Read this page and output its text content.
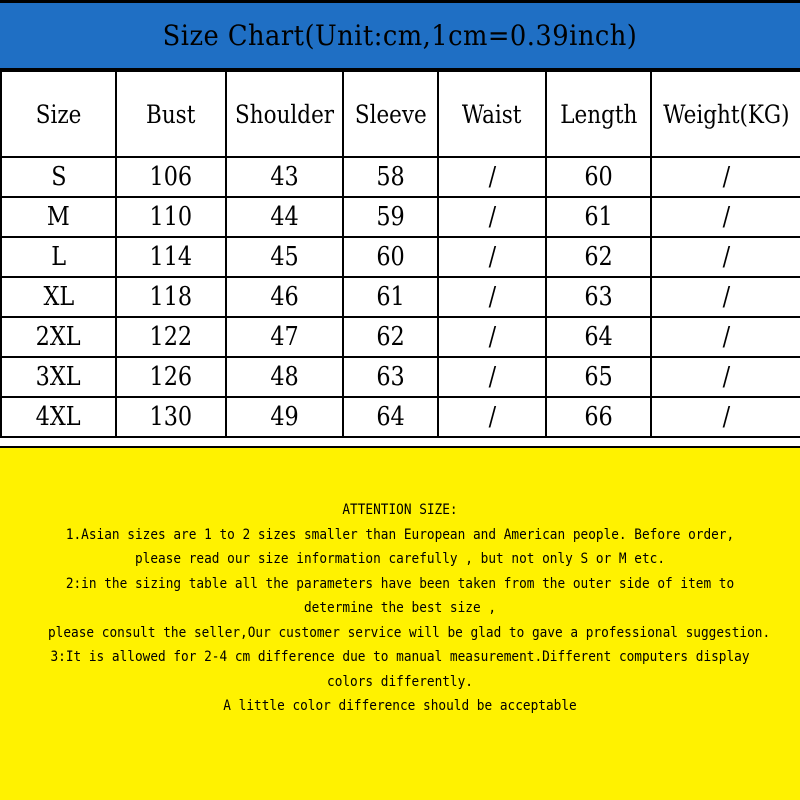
Size Chart(Unit:cm,1cm=0.39inch)
Size	Bust	Shoulder	Sleeve	Waist	Length	Weight(KG)
S	106	43	58	/	60	/
M	110	44	59	/	61	/
L	114	45	60	/	62	/
XL	118	46	61	/	63	/
2XL	122	47	62	/	64	/
3XL	126	48	63	/	65	/
4XL	130	49	64	/	66	/
ATTENTION SIZE:
1.Asian sizes are 1 to 2 sizes smaller than European and American people. Before order,
please read our size information carefully , but not only S or M etc.
2:in the sizing table all the parameters have been taken from the outer side of item to
determine the best size ,
please consult the seller,Our customer service will be glad to gave a professional suggestion.
3:It is allowed for 2-4 cm difference due to manual measurement.Different computers display
colors differently.
A little color difference should be acceptable
